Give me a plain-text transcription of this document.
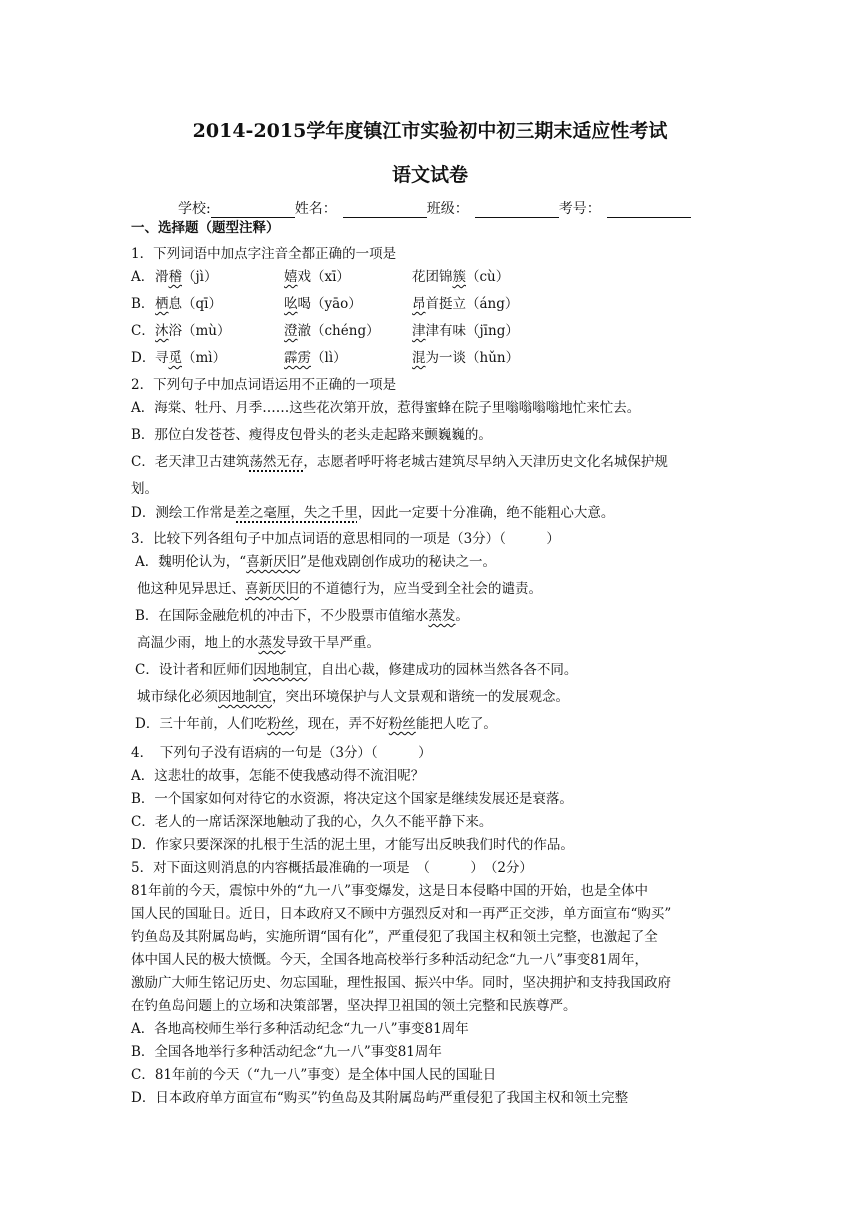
2014-2015学年度镇江市实验初中初三期末适应性考试
语文试卷
学校:	姓名：	班级：	考号：
一、选择题（题型注释）
1．下列词语中加点字注音全都正确的一项是
A． 滑稽（jì）	嬉戏（xī）	花团锦簇（cù）
B． 栖息（qī）	吆喝（yāo）	昂首挺立（áng）
C． 沐浴（mù）	澄澈（chéng） 津津有味（jīng）
D． 寻觅（mì）	霹雳（lì）	混为一谈（hǔn）
2．下列句子中加点词语运用不正确的一项是
A．海棠、牡丹、月季……这些花次第开放，惹得蜜蜂在院子里嗡嗡嗡嗡地忙来忙去。
B．那位白发苍苍、瘦得皮包骨头的老头走起路来颤巍巍的。
C．老天津卫古建筑荡然无存，志愿者呼吁将老城古建筑尽早纳入天津历史文化名城保护规
划。
D．测绘工作常是差之毫厘，失之千里，因此一定要十分准确，绝不能粗心大意。
3．比较下列各组句子中加点词语的意思相同的一项是（3分）（　　　）
A．魏明伦认为，“喜新厌旧”是他戏剧创作成功的秘诀之一。
他这种见异思迁、喜新厌旧的不道德行为，应当受到全社会的谴责。
B．在国际金融危机的冲击下，不少股票市值缩水蒸发。
高温少雨，地上的水蒸发导致干旱严重。
C．设计者和匠师们因地制宜，自出心裁，修建成功的园林当然各各不同。
城市绿化必须因地制宜，突出环境保护与人文景观和谐统一的发展观念。
D．三十年前，人们吃粉丝，现在，弄不好粉丝能把人吃了。
4．　下列句子没有语病的一句是（3分）（　　　）
A．这悲壮的故事，怎能不使我感动得不流泪呢？
B．一个国家如何对待它的水资源，将决定这个国家是继续发展还是衰落。
C．老人的一席话深深地触动了我的心，久久不能平静下来。
D．作家只要深深的扎根于生活的泥土里，才能写出反映我们时代的作品。
5．对下面这则消息的内容概括最准确的一项是　（　　　）　（2分）
81年前的今天，震惊中外的“九一八”事变爆发，这是日本侵略中国的开始，也是全体中
国人民的国耻日。近日，日本政府又不顾中方强烈反对和一再严正交涉，单方面宣布“购买”
钓鱼岛及其附属岛屿，实施所谓“国有化”，严重侵犯了我国主权和领土完整，也激起了全
体中国人民的极大愤慨。今天，全国各地高校举行多种活动纪念“九一八”事变81周年，
激励广大师生铭记历史、勿忘国耻，理性报国、振兴中华。同时，坚决拥护和支持我国政府
在钓鱼岛问题上的立场和决策部署，坚决捍卫祖国的领土完整和民族尊严。
A．各地高校师生举行多种活动纪念“九一八”事变81周年
B．全国各地举行多种活动纪念“九一八”事变81周年
C．81年前的今天（“九一八”事变）是全体中国人民的国耻日
D．日本政府单方面宣布“购买”钓鱼岛及其附属岛屿严重侵犯了我国主权和领土完整
